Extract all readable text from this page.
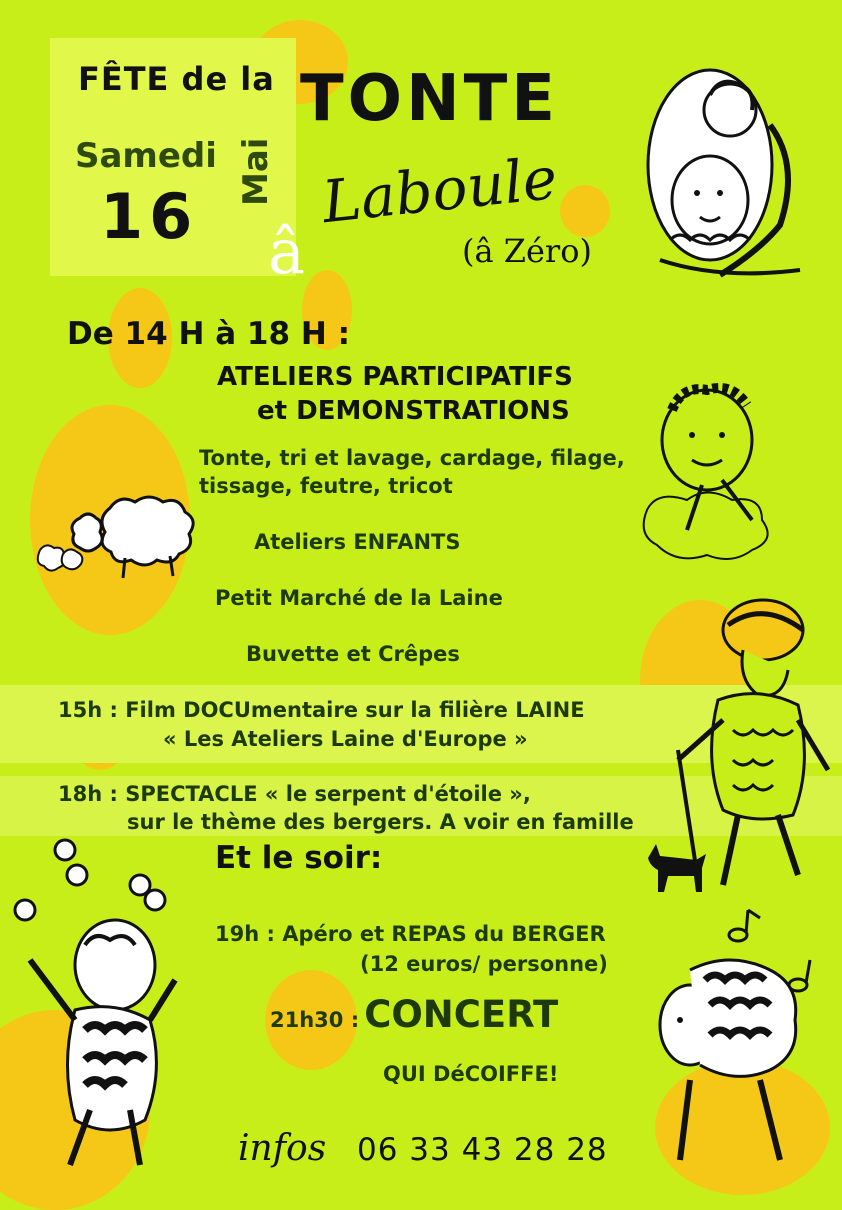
FÊTE de la TONTE
Samedi
16
Mai
â
Laboule
(â Zéro)
De 14 H à 18 H :
ATELIERS PARTICIPATIFS
et DEMONSTRATIONS
Tonte, tri et lavage, cardage, filage,
tissage, feutre, tricot
Ateliers ENFANTS
Petit Marché de la Laine
Buvette et Crêpes
15h : Film DOCUmentaire sur la filière LAINE
« Les Ateliers Laine d'Europe »
18h : SPECTACLE « le serpent d'étoile »,
sur le thème des bergers. A voir en famille
Et le soir:
19h : Apéro et REPAS du BERGER
(12 euros/ personne)
21h30 : CONCERT
QUI DéCOIFFE!
infos 06 33 43 28 28
